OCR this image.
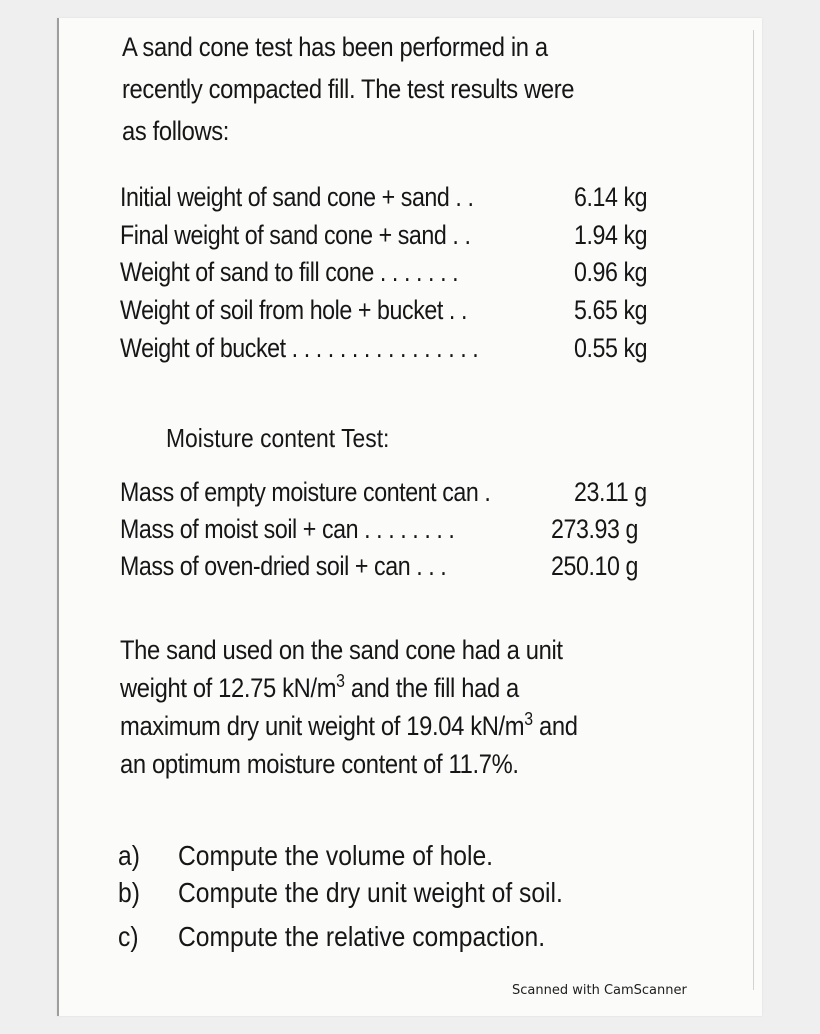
A sand cone test has been performed in a
recently compacted fill. The test results were
as follows:
Initial weight of sand cone + sand . .	6.14 kg
Final weight of sand cone + sand . .	1.94 kg
Weight of sand to fill cone . . . . . . .	0.96 kg
Weight of soil from hole + bucket . .	5.65 kg
Weight of bucket . . . . . . . . . . . . . . . .	0.55 kg
Moisture content Test:
Mass of empty moisture content can .	23.11 g
Mass of moist soil + can . . . . . . . .	273.93 g
Mass of oven-dried soil + can . . .	250.10 g
The sand used on the sand cone had a unit
weight of 12.75 $kN/m^3$ and the fill had a
maximum dry unit weight of 19.04 $kN/m^3$ and
an optimum moisture content of 11.7%.
a) Compute the volume of hole.
b) Compute the dry unit weight of soil.
c) Compute the relative compaction.
Scanned with CamScanner
